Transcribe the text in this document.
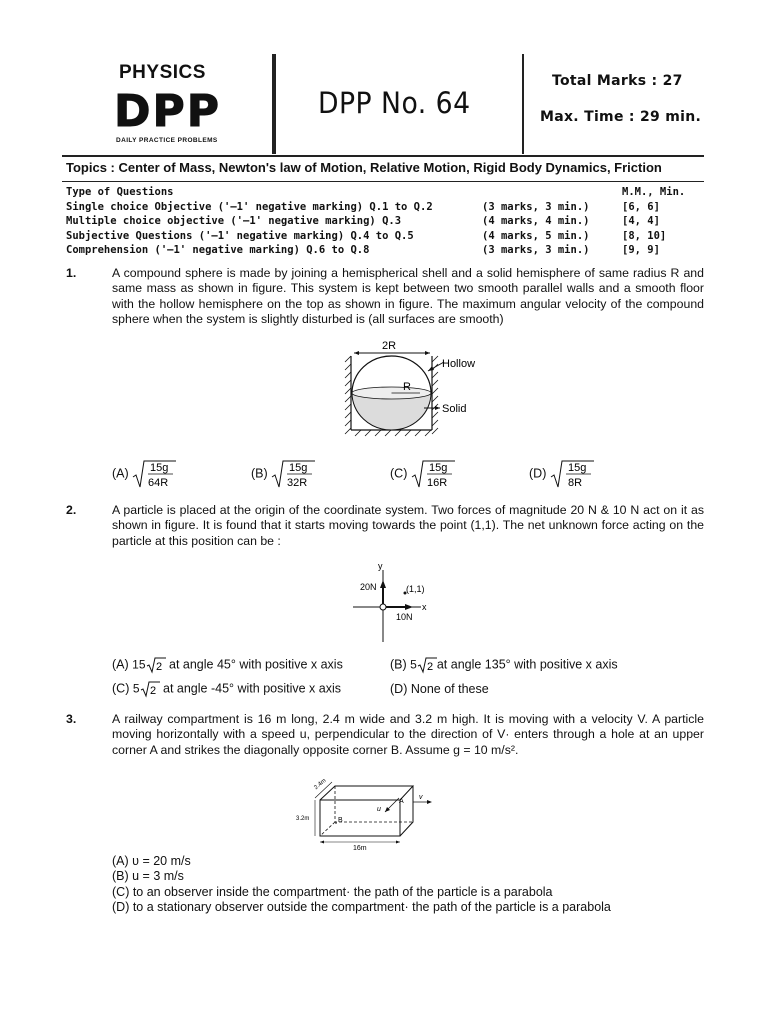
PHYSICS
DPP
DAILY PRACTICE PROBLEMS
DPP No. 64
Total Marks : 27
Max. Time : 29 min.
Topics : Center of Mass, Newton's law of Motion, Relative Motion, Rigid Body Dynamics, Friction
Type of Questions	M.M., Min.
Single choice Objective ('–1' negative marking) Q.1 to Q.2	(3 marks, 3 min.)	[6, 6]
Multiple choice objective ('–1' negative marking) Q.3	(4 marks, 4 min.)	[4, 4]
Subjective Questions ('–1' negative marking) Q.4 to Q.5	(4 marks, 5 min.)	[8, 10]
Comprehension ('–1' negative marking) Q.6 to Q.8	(3 marks, 3 min.)	[9, 9]
1.	A compound sphere is made by joining a hemispherical shell and a solid hemisphere of same radius R and same mass as shown in figure. This system is kept between two smooth parallel walls and a smooth floor with the hollow hemisphere on the top as shown in figure. The maximum angular velocity of the compound sphere when the system is slightly disturbed is (all surfaces are smooth)
2R
R
Hollow
Solid
(A) 15g
64R
(B) 15g
32R
(C) 15g
16R
(D) 15g
8R
2.	A particle is placed at the origin of the coordinate system. Two forces of magnitude 20 N & 10 N act on it as shown in figure. It is found that it starts moving towards the point (1,1). The net unknown force acting on the particle at this position can be :
y
x
20N
10N
(1,1)
(A) 15 2 at angle 45° with positive x axis	(B) 5 2 at angle 135° with positive x axis
(C) 5 2 at angle -45° with positive x axis	(D) None of these
3.	A railway compartment is 16 m long, 2.4 m wide and 3.2 m high. It is moving with a velocity V. A particle moving horizontally with a speed u, perpendicular to the direction of V· enters through a hole at an upper corner A and strikes the diagonally opposite corner B. Assume g = 10 m/s².
u
A
B
v
2.4m
3.2m
16m
(A) υ = 20 m/s
(B) u = 3 m/s
(C) to an observer inside the compartment· the path of the particle is a parabola
(D) to a stationary observer outside the compartment· the path of the particle is a parabola
